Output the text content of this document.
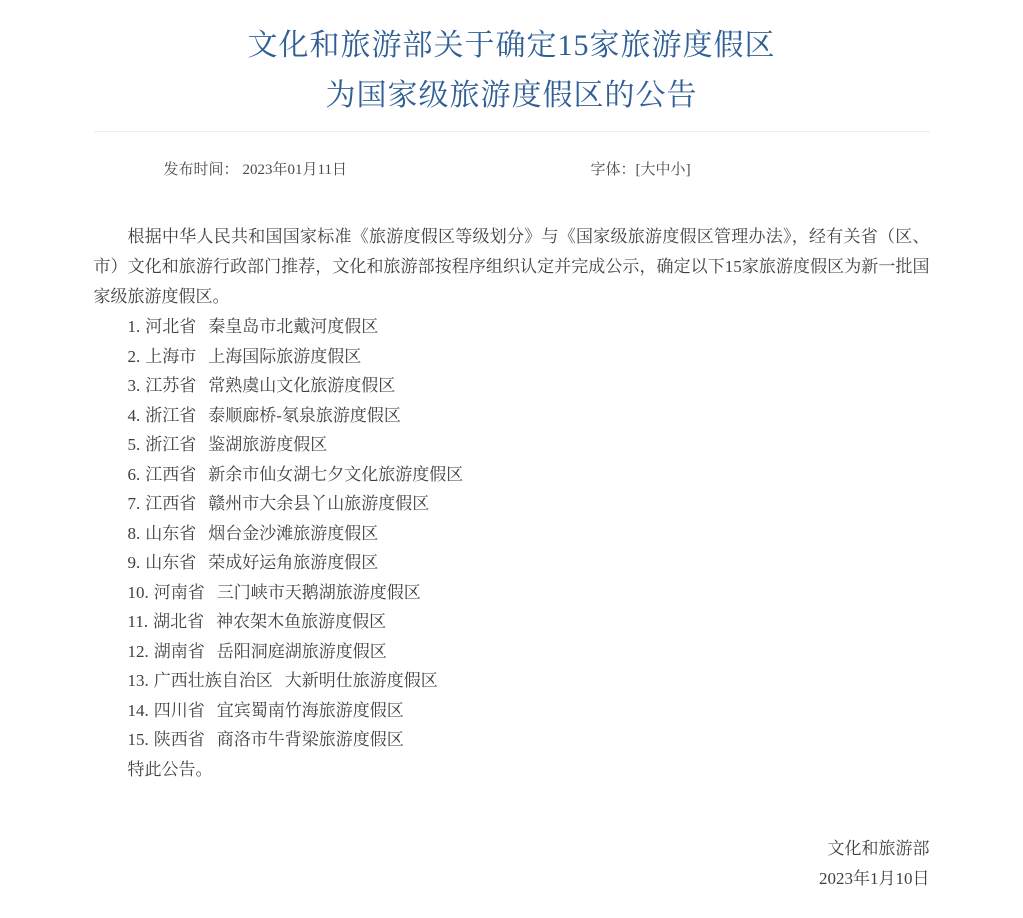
文化和旅游部关于确定15家旅游度假区
为国家级旅游度假区的公告
发布时间： 2023年01月11日	字体：[大中小]

根据中华人民共和国国家标准《旅游度假区等级划分》与《国家级旅游度假区管理办法》，经有关省（区、市）文化和旅游行政部门推荐，文化和旅游部按程序组织认定并完成公示，确定以下15家旅游度假区为新一批国家级旅游度假区。

1. 河北省 秦皇岛市北戴河度假区

2. 上海市 上海国际旅游度假区

3. 江苏省 常熟虞山文化旅游度假区

4. 浙江省 泰顺廊桥-氡泉旅游度假区

5. 浙江省 鉴湖旅游度假区

6. 江西省 新余市仙女湖七夕文化旅游度假区

7. 江西省 赣州市大余县丫山旅游度假区

8. 山东省 烟台金沙滩旅游度假区

9. 山东省 荣成好运角旅游度假区

10. 河南省 三门峡市天鹅湖旅游度假区

11. 湖北省 神农架木鱼旅游度假区

12. 湖南省 岳阳洞庭湖旅游度假区

13. 广西壮族自治区 大新明仕旅游度假区

14. 四川省 宜宾蜀南竹海旅游度假区

15. 陕西省 商洛市牛背梁旅游度假区

特此公告。

文化和旅游部

2023年1月10日
